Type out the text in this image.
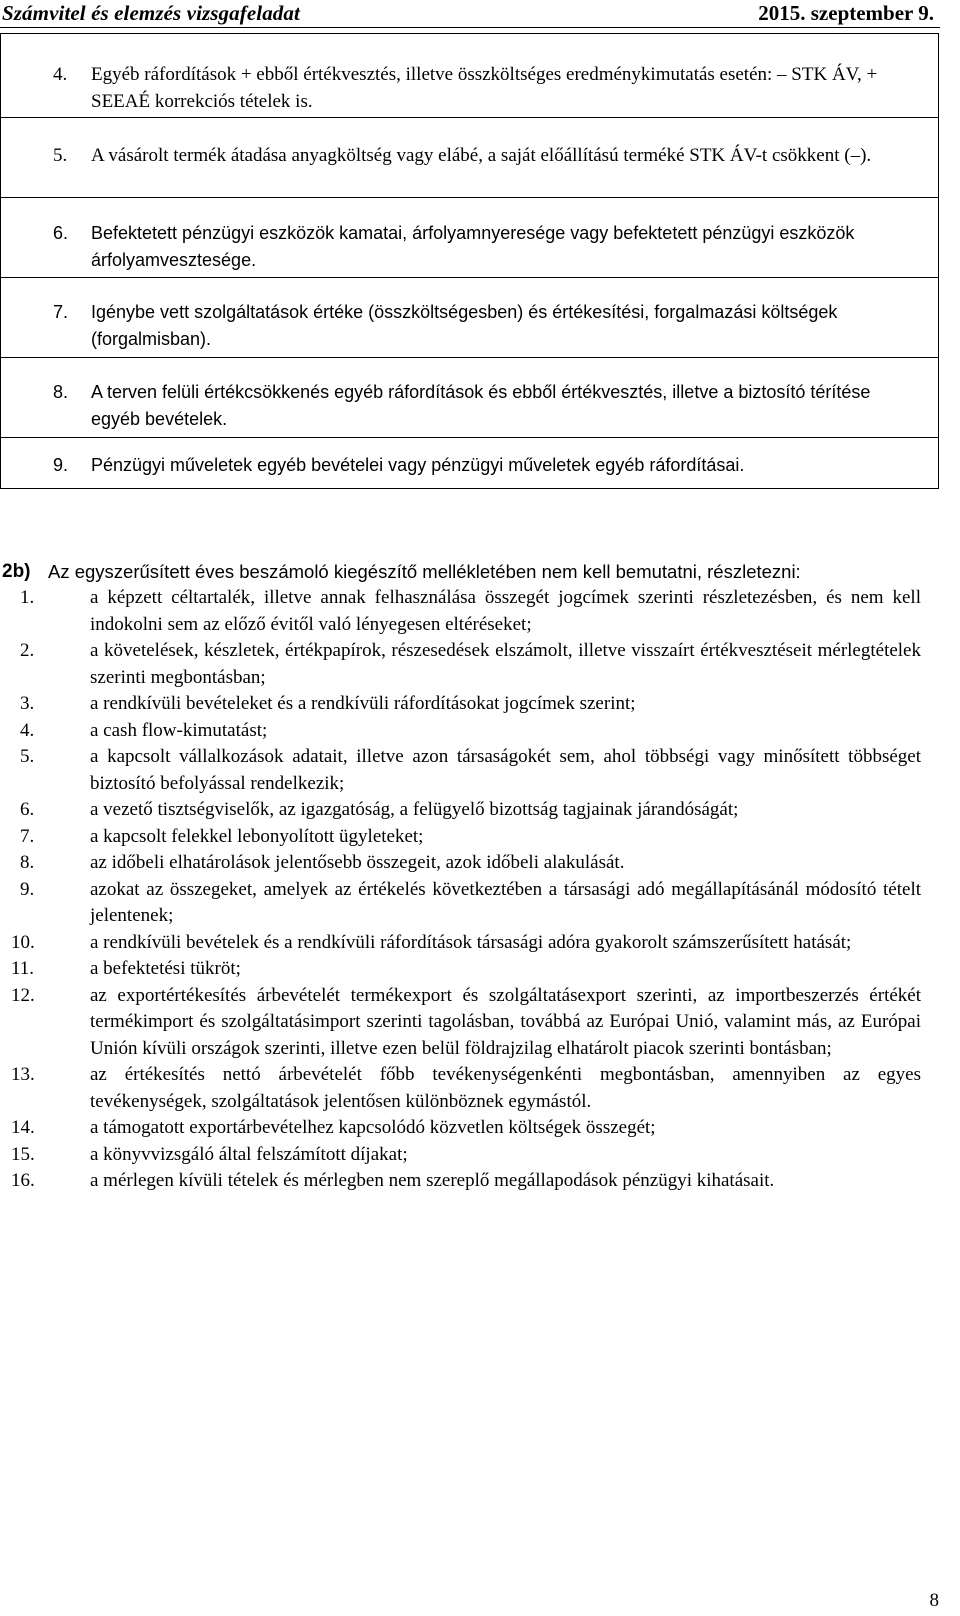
Számvitel és elemzés vizsgafeladat	2015. szeptember 9.
4. Egyéb ráfordítások + ebből értékvesztés, illetve összköltséges eredménykimutatás esetén: – STK ÁV, + SEEAÉ korrekciós tételek is.
5. A vásárolt termék átadása anyagköltség vagy elábé, a saját előállítású terméké STK ÁV-t csökkent (–).
6. Befektetett pénzügyi eszközök kamatai, árfolyamnyeresége vagy befektetett pénzügyi eszközök árfolyamvesztesége.
7. Igénybe vett szolgáltatások értéke (összköltségesben) és értékesítési, forgalmazási költségek (forgalmisban).
8. A terven felüli értékcsökkenés egyéb ráfordítások és ebből értékvesztés, illetve a biztosító térítése egyéb bevételek.
9. Pénzügyi műveletek egyéb bevételei vagy pénzügyi műveletek egyéb ráfordításai.
2b) Az egyszerűsített éves beszámoló kiegészítő mellékletében nem kell bemutatni, részletezni:
1.	a képzett céltartalék, illetve annak felhasználása összegét jogcímek szerinti részletezésben, és nem kell indokolni sem az előző évitől való lényegesen eltéréseket;
2.	a követelések, készletek, értékpapírok, részesedések elszámolt, illetve visszaírt értékvesztéseit mérlegtételek szerinti megbontásban;
3.	a rendkívüli bevételeket és a rendkívüli ráfordításokat jogcímek szerint;
4.	a cash flow-kimutatást;
5.	a kapcsolt vállalkozások adatait, illetve azon társaságokét sem, ahol többségi vagy minősített többséget biztosító befolyással rendelkezik;
6.	a vezető tisztségviselők, az igazgatóság, a felügyelő bizottság tagjainak járandóságát;
7.	a kapcsolt felekkel lebonyolított ügyleteket;
8.	az időbeli elhatárolások jelentősebb összegeit, azok időbeli alakulását.
9.	azokat az összegeket, amelyek az értékelés következtében a társasági adó megállapításánál módosító tételt jelentenek;
10.	a rendkívüli bevételek és a rendkívüli ráfordítások társasági adóra gyakorolt számszerűsített hatását;
11.	a befektetési tükröt;
12.	az exportértékesítés árbevételét termékexport és szolgáltatásexport szerinti, az importbeszerzés értékét termékimport és szolgáltatásimport szerinti tagolásban, továbbá az Európai Unió, valamint más, az Európai Unión kívüli országok szerinti, illetve ezen belül földrajzilag elhatárolt piacok szerinti bontásban;
13.	az értékesítés nettó árbevételét főbb tevékenységenkénti megbontásban, amennyiben az egyes tevékenységek, szolgáltatások jelentősen különböznek egymástól.
14.	a támogatott exportárbevételhez kapcsolódó közvetlen költségek összegét;
15.	a könyvvizsgáló által felszámított díjakat;
16.	a mérlegen kívüli tételek és mérlegben nem szereplő megállapodások pénzügyi kihatásait.
8
